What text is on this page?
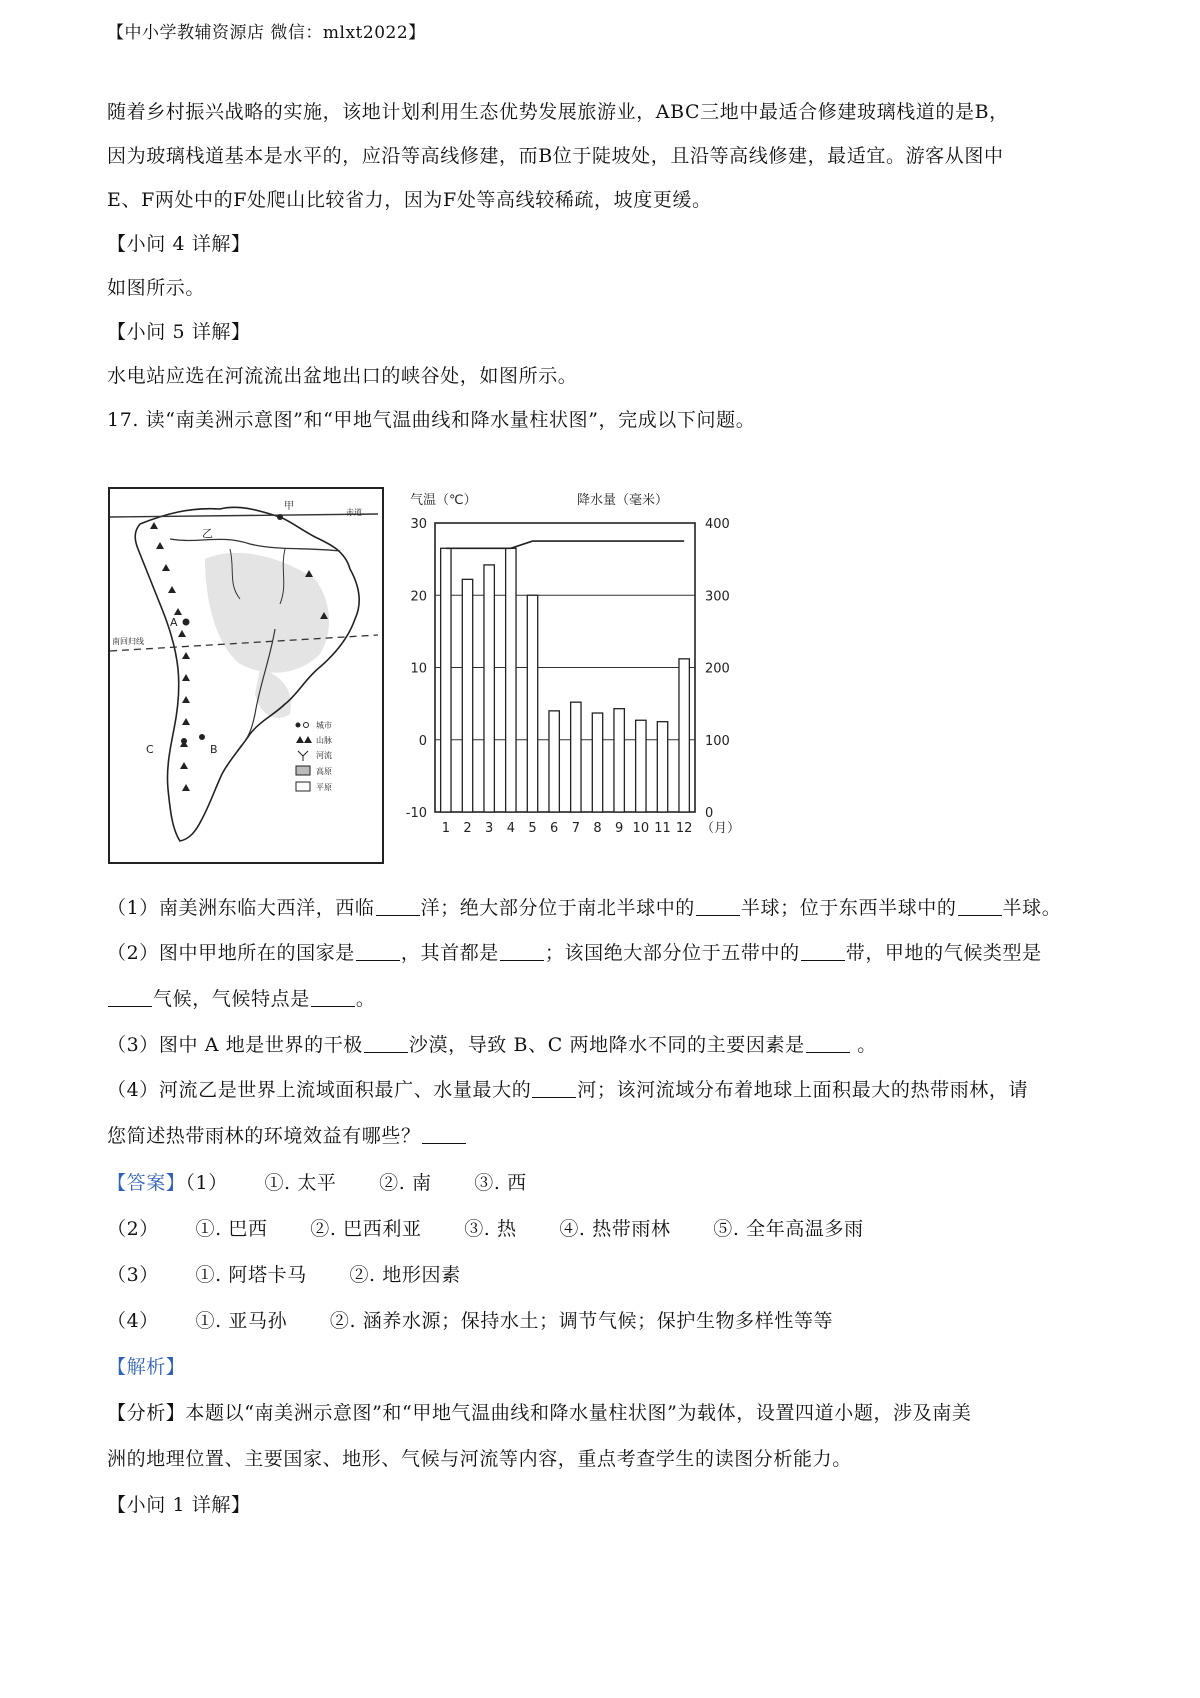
【中小学教辅资源店 微信：mlxt2022】
随着乡村振兴战略的实施，该地计划利用生态优势发展旅游业，ABC三地中最适合修建玻璃栈道的是B，
因为玻璃栈道基本是水平的，应沿等高线修建，而B位于陡坡处，且沿等高线修建，最适宜。游客从图中
E、F两处中的F处爬山比较省力，因为F处等高线较稀疏，坡度更缓。
【小问 4 详解】
如图所示。
【小问 5 详解】
水电站应选在河流流出盆地出口的峡谷处，如图所示。
17. 读“南美洲示意图”和“甲地气温曲线和降水量柱状图”，完成以下问题。
甲
赤道
乙
A
南回归线
C	B
城市
山脉
河流
高原
平原
气温（℃）	降水量（毫米）
30
20
10
0
-10
400
300
200
100
0
1 2 3 4 5 6 7 8 9 10 11 12 （月）
（1）南美洲东临大西洋，西临 洋；绝大部分位于南北半球中的 半球；位于东西半球中的 半球。
（2）图中甲地所在的国家是 ，其首都是 ；该国绝大部分位于五带中的 带，甲地的气候类型是
气候，气候特点是 。
（3）图中 A 地是世界的干极 沙漠，导致 B、C 两地降水不同的主要因素是 。
（4）河流乙是世界上流域面积最广、水量最大的 河；该河流域分布着地球上面积最大的热带雨林，请
您简述热带雨林的环境效益有哪些？
【答案】（1） ①. 太平 ②. 南 ③. 西
（2） ①. 巴西 ②. 巴西利亚 ③. 热 ④. 热带雨林 ⑤. 全年高温多雨
（3） ①. 阿塔卡马 ②. 地形因素
（4） ①. 亚马孙 ②. 涵养水源；保持水土；调节气候；保护生物多样性等等
【解析】
【分析】本题以“南美洲示意图”和“甲地气温曲线和降水量柱状图”为载体，设置四道小题，涉及南美
洲的地理位置、主要国家、地形、气候与河流等内容，重点考查学生的读图分析能力。
【小问 1 详解】
